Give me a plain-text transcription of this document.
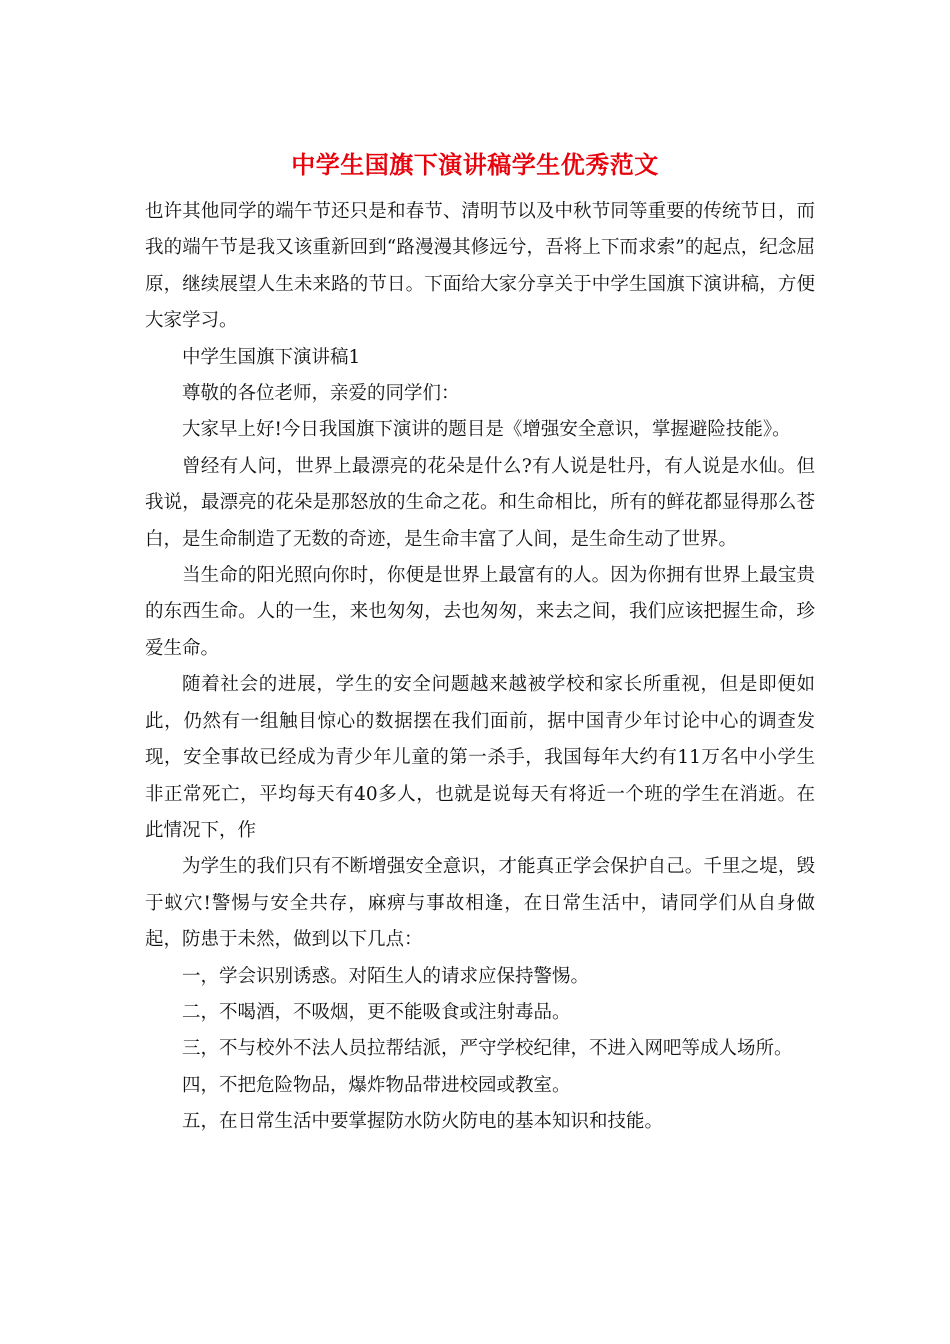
中学生国旗下演讲稿学生优秀范文

也许其他同学的端午节还只是和春节、清明节以及中秋节同等重要的传统节日，而我的端午节是我又该重新回到“路漫漫其修远兮，吾将上下而求索”的起点，纪念屈原，继续展望人生未来路的节日。下面给大家分享关于中学生国旗下演讲稿，方便大家学习。

中学生国旗下演讲稿1

尊敬的各位老师，亲爱的同学们：

大家早上好!今日我国旗下演讲的题目是《增强安全意识，掌握避险技能》。

曾经有人问，世界上最漂亮的花朵是什么?有人说是牡丹，有人说是水仙。但我说，最漂亮的花朵是那怒放的生命之花。和生命相比，所有的鲜花都显得那么苍白，是生命制造了无数的奇迹，是生命丰富了人间，是生命生动了世界。

当生命的阳光照向你时，你便是世界上最富有的人。因为你拥有世界上最宝贵的东西生命。人的一生，来也匆匆，去也匆匆，来去之间，我们应该把握生命，珍爱生命。

随着社会的进展，学生的安全问题越来越被学校和家长所重视，但是即便如此，仍然有一组触目惊心的数据摆在我们面前，据中国青少年讨论中心的调查发现，安全事故已经成为青少年儿童的第一杀手，我国每年大约有11万名中小学生非正常死亡，平均每天有40多人，也就是说每天有将近一个班的学生在消逝。在此情况下，作

为学生的我们只有不断增强安全意识，才能真正学会保护自己。千里之堤，毁于蚁穴!警惕与安全共存，麻痹与事故相逢，在日常生活中，请同学们从自身做起，防患于未然，做到以下几点：

一，学会识别诱惑。对陌生人的请求应保持警惕。

二，不喝酒，不吸烟，更不能吸食或注射毒品。

三，不与校外不法人员拉帮结派，严守学校纪律，不进入网吧等成人场所。

四，不把危险物品，爆炸物品带进校园或教室。

五，在日常生活中要掌握防水防火防电的基本知识和技能。
